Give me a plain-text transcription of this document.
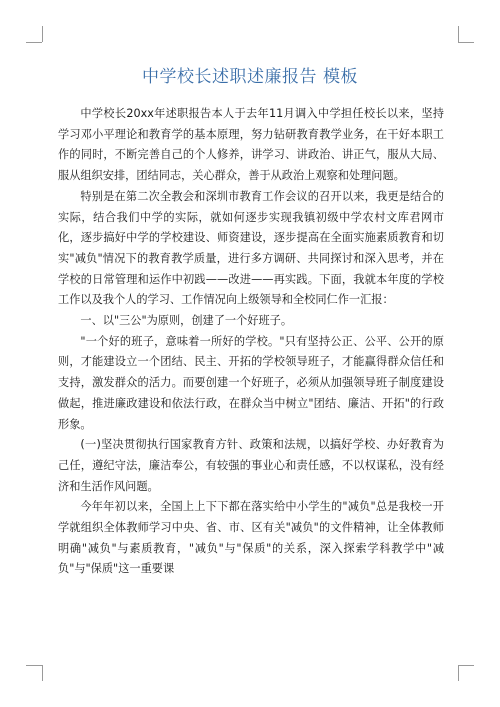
中学校长述职述廉报告 模板

中学校长20xx年述职报告本人于去年11月调入中学担任校长以来，坚持学习邓小平理论和教育学的基本原理，努力钻研教育教学业务，在干好本职工作的同时，不断完善自己的个人修养，讲学习、讲政治、讲正气，服从大局、服从组织安排，团结同志，关心群众，善于从政治上观察和处理问题。

特别是在第二次全教会和深圳市教育工作会议的召开以来，我更是结合的实际，结合我们中学的实际，就如何逐步实现我镇初级中学农村文库君网市化，逐步搞好中学的学校建设、师资建设，逐步提高在全面实施素质教育和切实"减负"情况下的教育教学质量，进行多方调研、共同探讨和深入思考，并在学校的日常管理和运作中初践——改进——再实践。下面，我就本年度的学校工作以及我个人的学习、工作情况向上级领导和全校同仁作一汇报：

一、以"三公"为原则，创建了一个好班子。

"一个好的班子，意味着一所好的学校。"只有坚持公正、公平、公开的原则，才能建设立一个团结、民主、开拓的学校领导班子，才能赢得群众信任和支持，激发群众的活力。而要创建一个好班子，必须从加强领导班子制度建设做起，推进廉政建设和依法行政，在群众当中树立"团结、廉洁、开拓"的行政形象。

(一)坚决贯彻执行国家教育方针、政策和法规，以搞好学校、办好教育为己任，遵纪守法，廉洁奉公，有较强的事业心和责任感，不以权谋私，没有经济和生活作风问题。

今年年初以来，全国上上下下都在落实给中小学生的"减负"总是我校一开学就组织全体教师学习中央、省、市、区有关"减负"的文件精神，让全体教师明确"减负"与素质教育，"减负"与"保质"的关系，深入探索学科教学中"减负"与"保质"这一重要课
